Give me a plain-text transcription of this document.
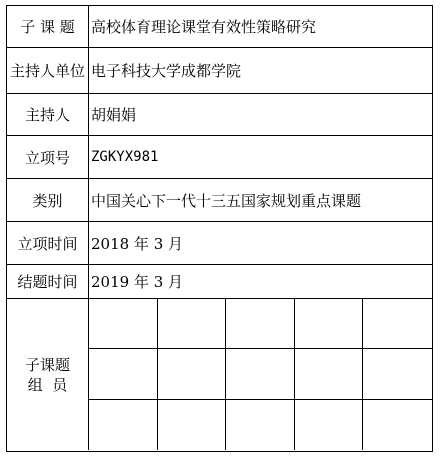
子 课 题	高校体育理论课堂有效性策略研究
主持人单位 电子科技大学成都学院
主持人	胡娟娟
立项号	ZGKYX981
类别	中国关心下一代十三五国家规划重点课题
立项时间 2018 年 3 月
结题时间 2019 年 3 月
子课题
组  员
